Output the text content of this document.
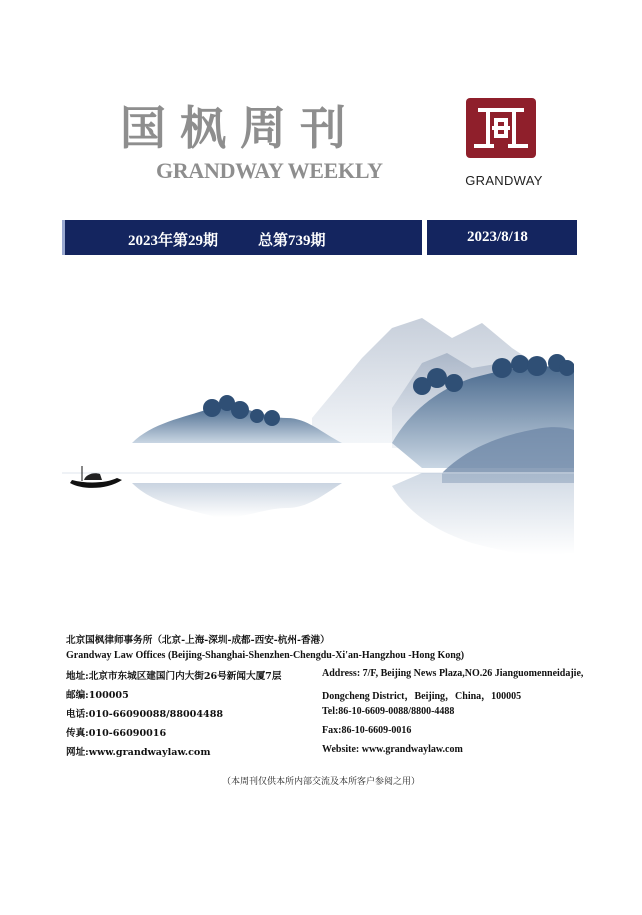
国枫周刊
GRANDWAY WEEKLY	GRANDWAY
2023年第29期	总第739期	2023/8/18
北京国枫律师事务所（北京-上海-深圳-成都-西安-杭州-香港）
Grandway Law Offices (Beijing-Shanghai-Shenzhen-Chengdu-Xi'an-Hangzhou -Hong Kong)
地址:北京市东城区建国门内大街26号新闻大厦7层
邮编:100005
电话:010-66090088/88004488
传真:010-66090016
网址:www.grandwaylaw.com
Address: 7/F, Beijing News Plaza,NO.26 Jianguomenneidajie,
Dongcheng District，Beijing，China，100005
Tel:86-10-6609-0088/8800-4488
Fax:86-10-6609-0016
Website: www.grandwaylaw.com
（本周刊仅供本所内部交流及本所客户参阅之用）
